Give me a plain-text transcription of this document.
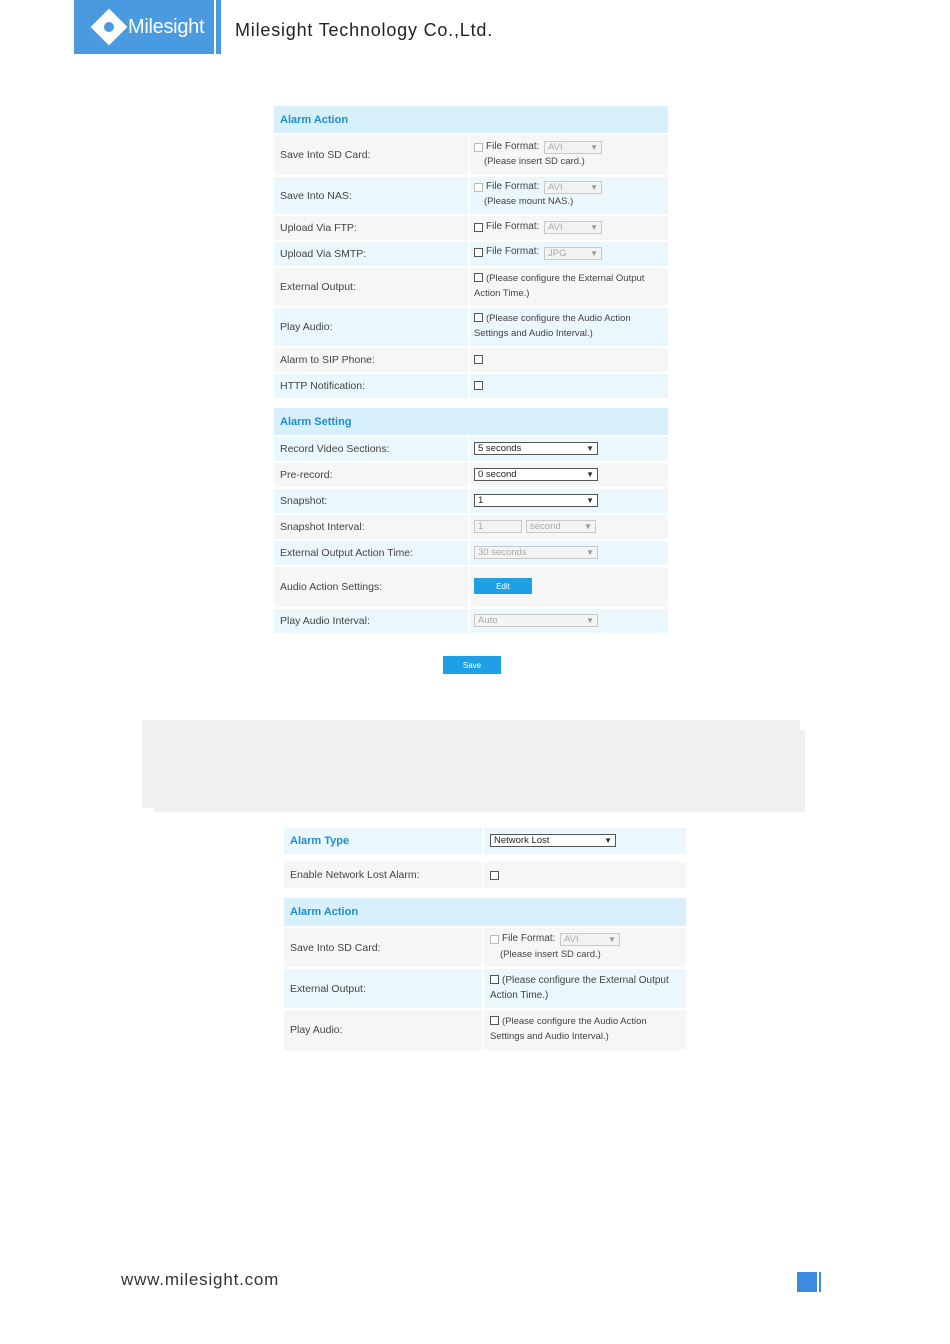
Milesight Milesight Technology Co.,Ltd.
Alarm Action
Save Into SD Card:
File Format: AVI	▼
(Please insert SD card.)
Save Into NAS:
File Format: AVI	▼
(Please mount NAS.)
Upload Via FTP:	File Format: AVI	▼
Upload Via SMTP:	File Format: JPG	▼
External Output:
(Please configure the External Output
Action Time.)
Play Audio:
(Please configure the Audio Action
Settings and Audio Interval.)
Alarm to SIP Phone:
HTTP Notification:
Alarm Setting
Record Video Sections:	5 seconds	▼
Pre-record:	0 second	▼
Snapshot:	1	▼
Snapshot Interval:	1	second	▼
External Output Action Time:	30 seconds	▼
Audio Action Settings:	Edit
Play Audio Interval:	Auto	▼
Save
Alarm Type	Network Lost	▼
Enable Network Lost Alarm:
Alarm Action
Save Into SD Card:
File Format: AVI	▼
(Please insert SD card.)
External Output:
(Please configure the External Output
Action Time.)
Play Audio:
(Please configure the Audio Action
Settings and Audio Interval.)
www.milesight.com
